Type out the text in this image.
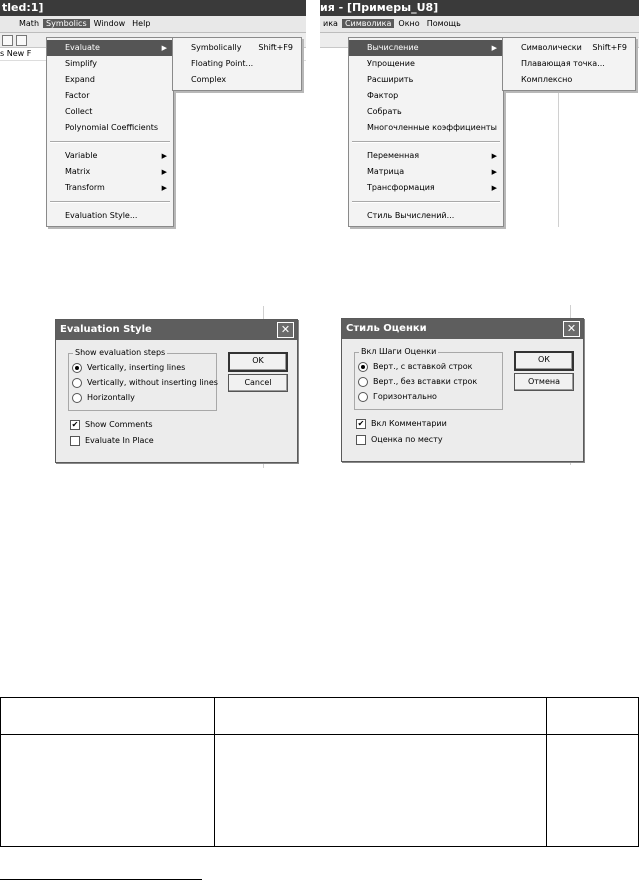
tled:1]
Math Symbolics Window Help
s New F
Evaluate	▶
Simplify
Expand
Factor
Collect
Polynomial Coefficients
Variable	▶
Matrix	▶
Transform	▶
Evaluation Style...
Symbolically Shift+F9
Floating Point...
Complex
ия - [Примеры_U8]
ика Символика Окно Помощь
Вычисление	▶
Упрощение
Расширить
Фактор
Собрать
Многочленные коэффициенты
Переменная	▶
Матрица	▶
Трансформация	▶
Стиль Вычислений...
Символически Shift+F9
Плавающая точка...
Комплексно
Evaluation Style	✕
Show evaluation steps
Vertically, inserting lines
Vertically, without inserting lines
Horizontally
✔ Show Comments
Evaluate In Place
OK
Cancel
Стиль Оценки	✕
Вкл Шаги Оценки
Верт., с вставкой строк
Верт., без вставки строк
Горизонтально
✔ Вкл Комментарии
Оценка по месту
ОК
Отмена
